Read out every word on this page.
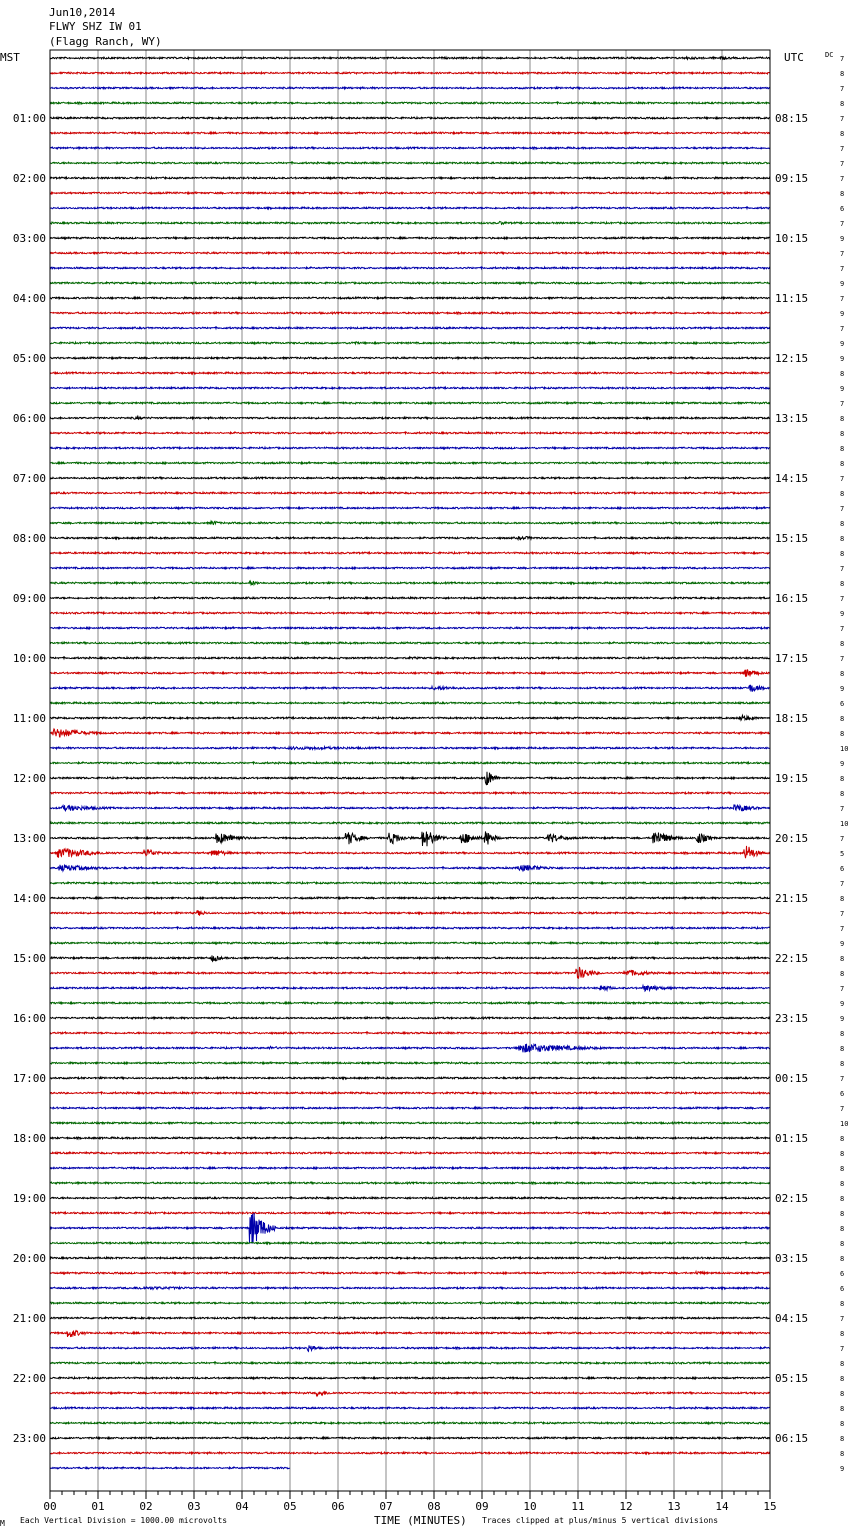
Jun10,2014
FLWY SHZ IW 01
(Flagg Ranch, WY)
MST	UTC	DC
01:00
02:00
03:00
04:00
05:00
06:00
07:00
08:00
09:00
10:00
11:00
12:00
13:00
14:00
15:00
16:00
17:00
18:00
19:00
20:00
21:00
22:00
23:00
08:15
09:15
10:15
11:15
12:15
13:15
14:15
15:15
16:15
17:15
18:15
19:15
20:15
21:15
22:15
23:15
00:15
01:15
02:15
03:15
04:15
05:15
06:15
7
8
7
8
7
8
7
7
7
8
6
7
9
7
7
9
7
9
7
9
9
8
9
7
8
8
8
8
7
8
7
8
8
8
7
8
7
9
7
8
7
8
9
6
8
8
10
9
8
8
7
10
7
5
6
7
8
7
7
9
8
8
7
9
9
8
8
8
7
6
7
10
8
8
8
8
8
8
8
8
8
6
6
8
7
8
7
8
8
8
8
8
8
8
9
00	01	02	03	04	05	06	07	08	09	10	11	12	13	14	15
M Each Vertical Division = 1000.00 microvolts	TIME (MINUTES) Traces clipped at plus/minus 5 vertical divisions
